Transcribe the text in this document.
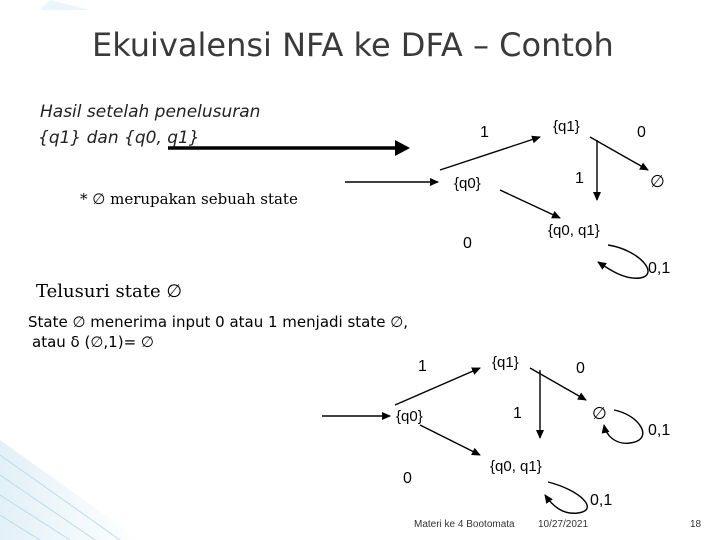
Ekuivalensi NFA ke DFA – Contoh
Hasil setelah penelusuran
{q1} dan {q0, q1}
* ∅ merupakan sebuah state
{q1}
{q0}
{q0, q1}
∅
1	0
1
0
0,1
Telusuri state ∅
State ∅ menerima input 0 atau 1 menjadi state ∅,
atau δ (∅,1)= ∅
{q1}
{q0}
{q0, q1}
∅
1	0
1
0
0,1
0,1
Materi ke 4 Bootomata 10/27/2021	18
